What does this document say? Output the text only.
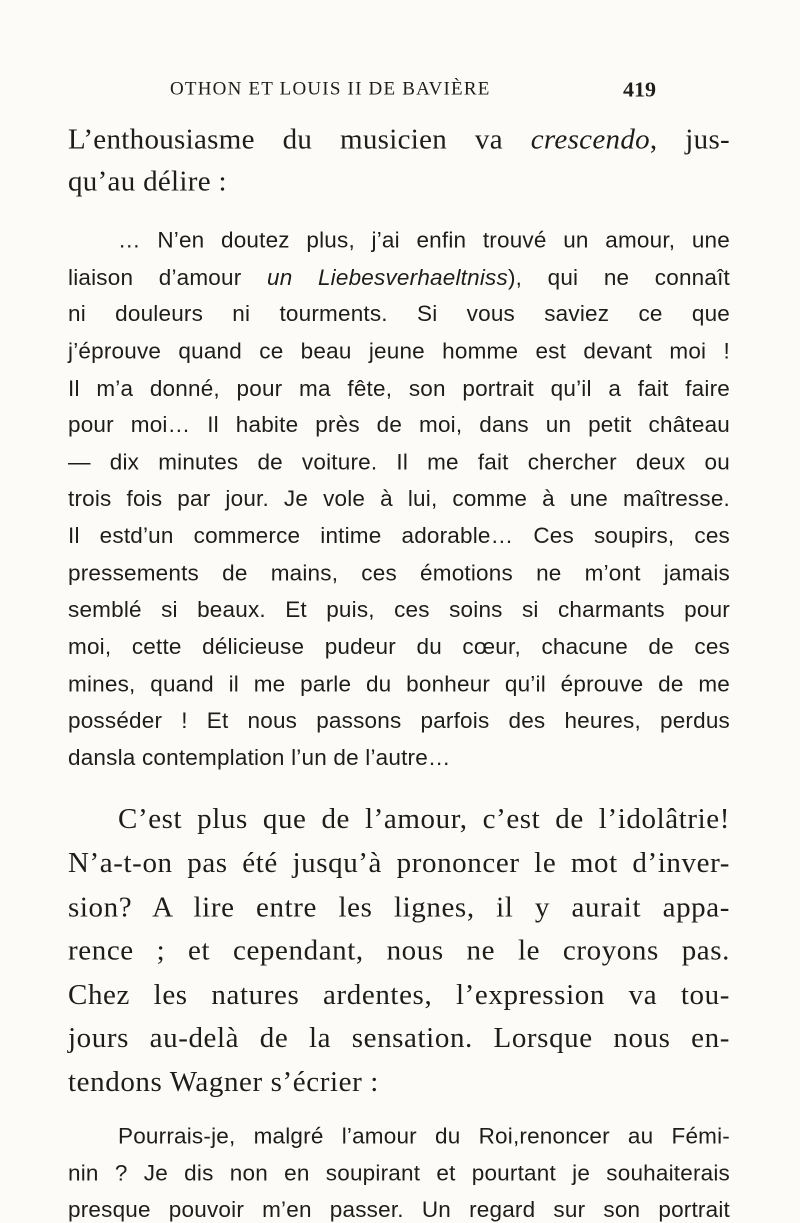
OTHON ET LOUIS II DE BAVIÈRE	419
L’enthousiasme du musicien va crescendo, jus-
qu’au délire :
… N’en doutez plus, j’ai enfin trouvé un amour, une
liaison d’amour un Liebesverhaeltniss), qui ne connaît
ni douleurs ni tourments. Si vous saviez ce que
j’éprouve quand ce beau jeune homme est devant moi !
Il m’a donné, pour ma fête, son portrait qu’il a fait faire
pour moi… Il habite près de moi, dans un petit château
— dix minutes de voiture. Il me fait chercher deux ou
trois fois par jour. Je vole à lui, comme à une maîtresse.
Il estd’un commerce intime adorable… Ces soupirs, ces
pressements de mains, ces émotions ne m’ont jamais
semblé si beaux. Et puis, ces soins si charmants pour
moi, cette délicieuse pudeur du cœur, chacune de ces
mines, quand il me parle du bonheur qu’il éprouve de me
posséder ! Et nous passons parfois des heures, perdus
dansla contemplation l’un de l’autre…
C’est plus que de l’amour, c’est de l’idolâtrie!
N’a-t-on pas été jusqu’à prononcer le mot d’inver-
sion? A lire entre les lignes, il y aurait appa-
rence ; et cependant, nous ne le croyons pas.
Chez les natures ardentes, l’expression va tou-
jours au-delà de la sensation. Lorsque nous en-
tendons Wagner s’écrier :
Pourrais-je, malgré l’amour du Roi,renoncer au Fémi-
nin ? Je dis non en soupirant et pourtant je souhaiterais
presque pouvoir m’en passer. Un regard sur son portrait
